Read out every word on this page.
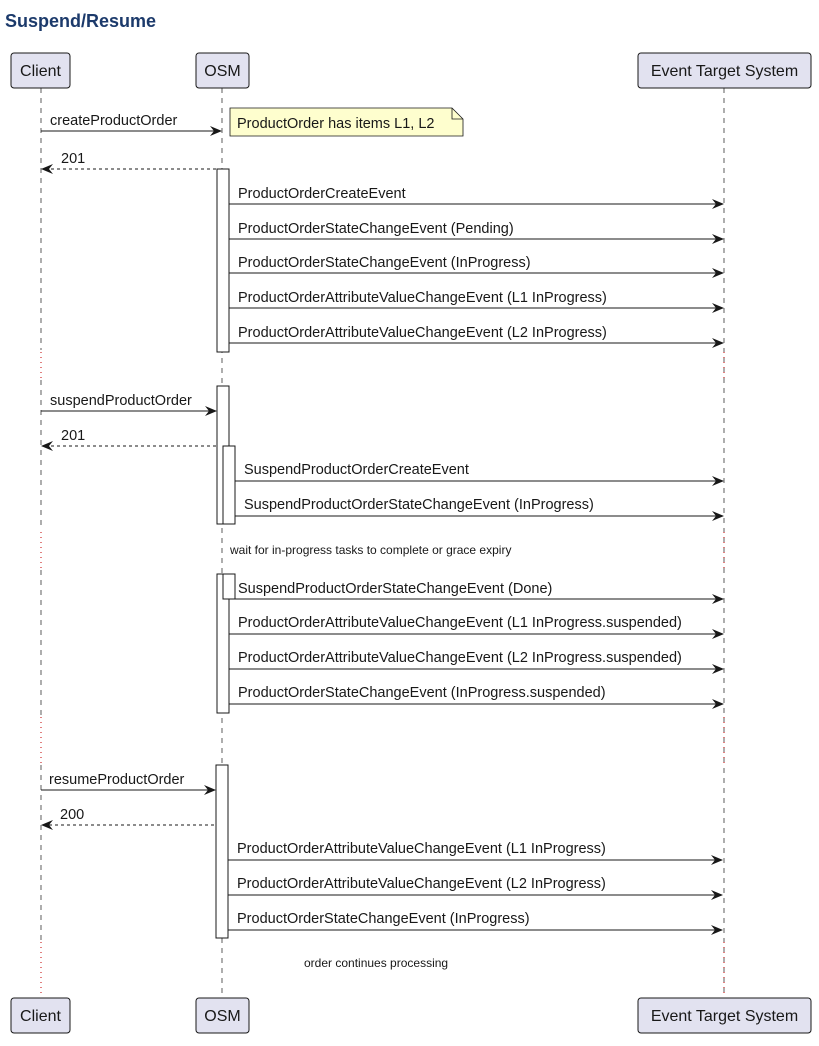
Suspend/Resume
Client	OSM	Event Target System
Client	OSM	Event Target System
ProductOrder has items L1, L2
createProductOrder
201
ProductOrderCreateEvent
ProductOrderStateChangeEvent (Pending)
ProductOrderStateChangeEvent (InProgress)
ProductOrderAttributeValueChangeEvent (L1 InProgress)
ProductOrderAttributeValueChangeEvent (L2 InProgress)
suspendProductOrder
201
SuspendProductOrderCreateEvent
SuspendProductOrderStateChangeEvent (InProgress)
wait for in-progress tasks to complete or grace expiry
SuspendProductOrderStateChangeEvent (Done)
ProductOrderAttributeValueChangeEvent (L1 InProgress.suspended)
ProductOrderAttributeValueChangeEvent (L2 InProgress.suspended)
ProductOrderStateChangeEvent (InProgress.suspended)
resumeProductOrder
200
ProductOrderAttributeValueChangeEvent (L1 InProgress)
ProductOrderAttributeValueChangeEvent (L2 InProgress)
ProductOrderStateChangeEvent (InProgress)
order continues processing
